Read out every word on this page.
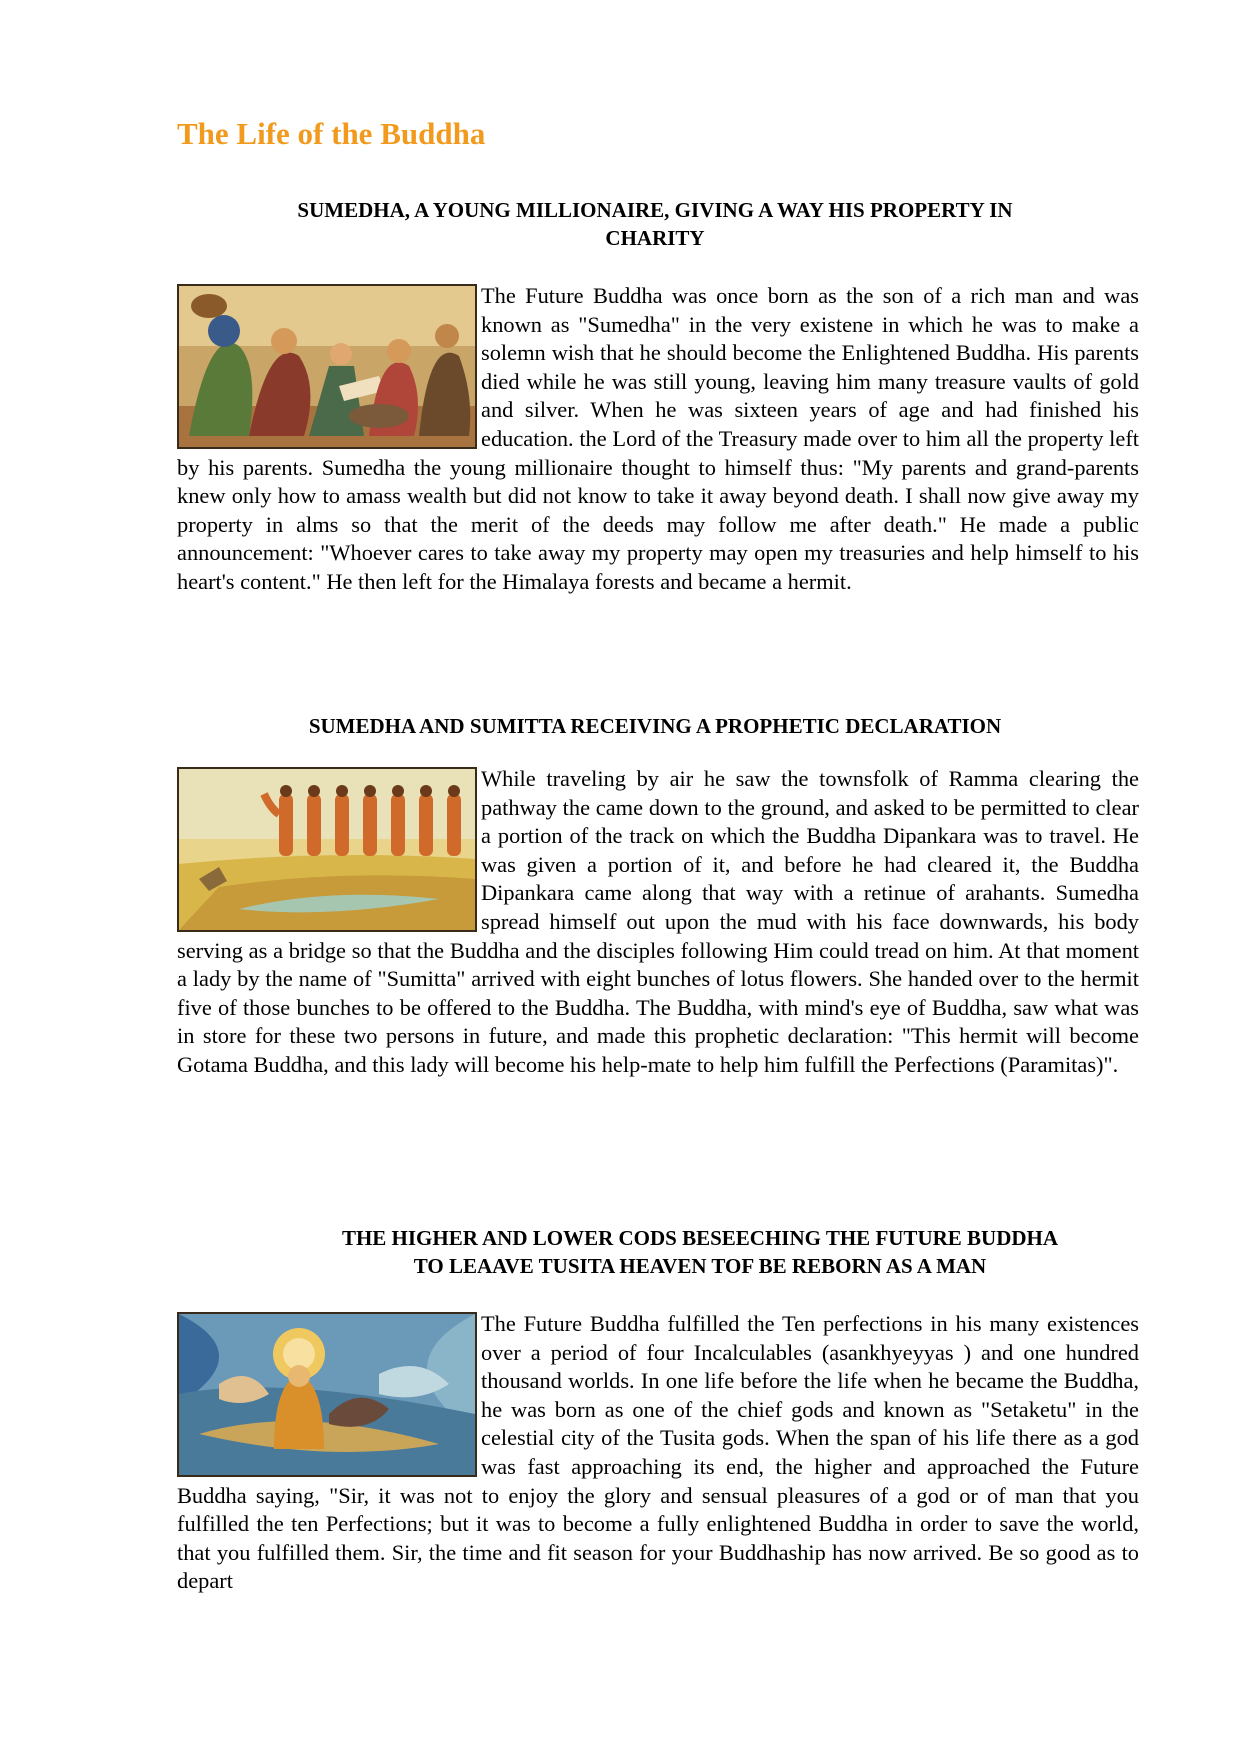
The Life of the Buddha
SUMEDHA, A YOUNG MILLIONAIRE, GIVING A WAY HIS PROPERTY IN
CHARITY
The Future Buddha was once born as the son of a rich man and was known as "Sumedha" in the very existene in which he was to make a solemn wish that he should become the Enlightened Buddha. His parents died while he was still young, leaving him many treasure vaults of gold and silver. When he was sixteen years of age and had finished his education. the Lord of the Treasury made over to him all the property left by his parents. Sumedha the young millionaire thought to himself thus: "My parents and grand-parents knew only how to amass wealth but did not know to take it away beyond death. I shall now give away my property in alms so that the merit of the deeds may follow me after death." He made a public announcement: "Whoever cares to take away my property may open my treasuries and help himself to his heart's content." He then left for the Himalaya forests and became a hermit.
SUMEDHA AND SUMITTA RECEIVING A PROPHETIC DECLARATION
While traveling by air he saw the townsfolk of Ramma clearing the pathway the came down to the ground, and asked to be permitted to clear a portion of the track on which the Buddha Dipankara was to travel. He was given a portion of it, and before he had cleared it, the Buddha Dipankara came along that way with a retinue of arahants. Sumedha spread himself out upon the mud with his face downwards, his body serving as a bridge so that the Buddha and the disciples following Him could tread on him. At that moment a lady by the name of "Sumitta" arrived with eight bunches of lotus flowers. She handed over to the hermit five of those bunches to be offered to the Buddha. The Buddha, with mind's eye of Buddha, saw what was in store for these two persons in future, and made this prophetic declaration: "This hermit will become Gotama Buddha, and this lady will become his help-mate to help him fulfill the Perfections (Paramitas)".
THE HIGHER AND LOWER CODS BESEECHING THE FUTURE BUDDHA
TO LEAAVE TUSITA HEAVEN TOF BE REBORN AS A MAN
The Future Buddha fulfilled the Ten perfections in his many existences over a period of four Incalculables (asankhyeyyas ) and one hundred thousand worlds. In one life before the life when he became the Buddha, he was born as one of the chief gods and known as "Setaketu" in the celestial city of the Tusita gods. When the span of his life there as a god was fast approaching its end, the higher and approached the Future Buddha saying, "Sir, it was not to enjoy the glory and sensual pleasures of a god or of man that you fulfilled the ten Perfections; but it was to become a fully enlightened Buddha in order to save the world, that you fulfilled them. Sir, the time and fit season for your Buddhaship has now arrived. Be so good as to depart
